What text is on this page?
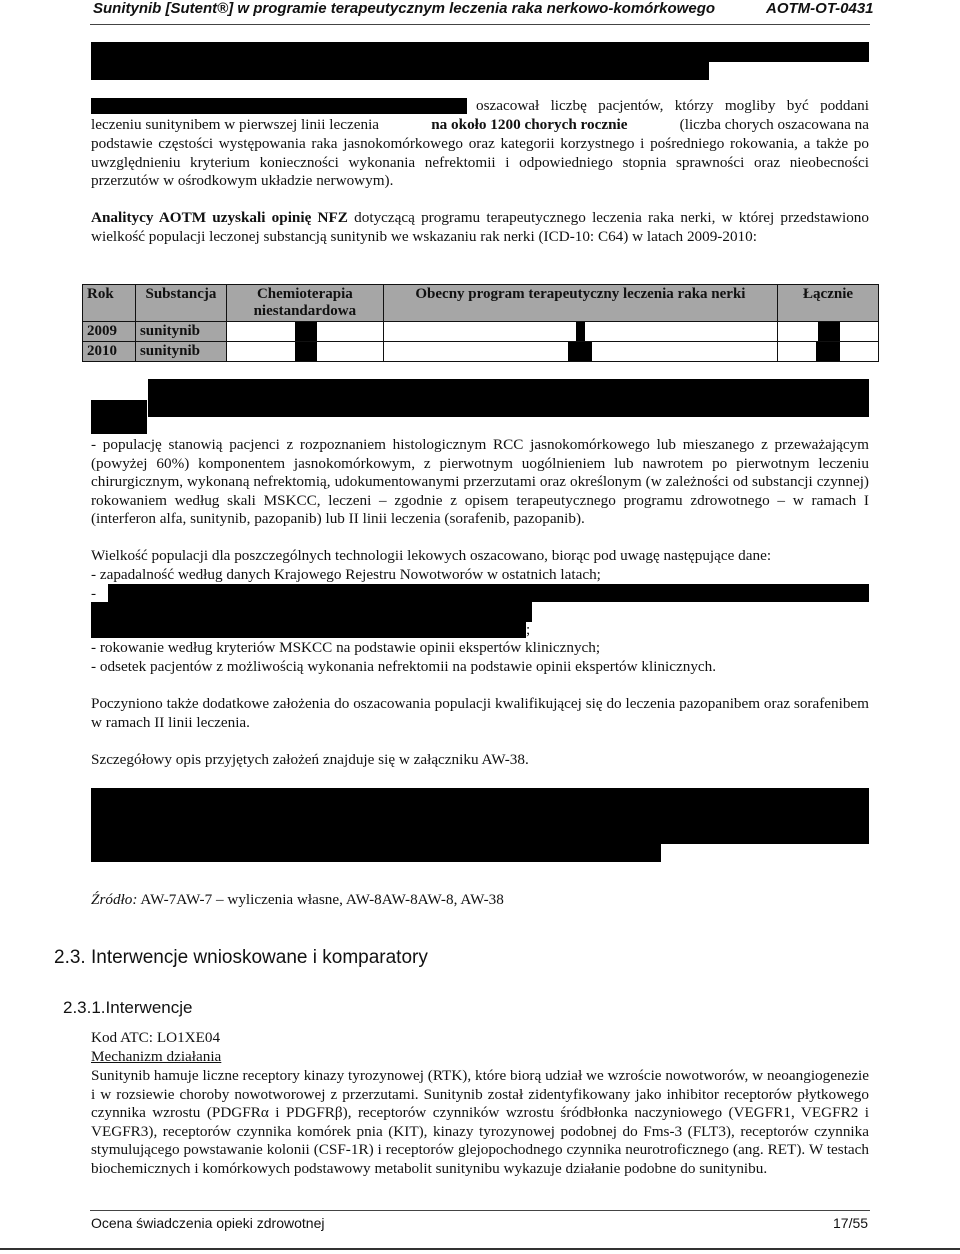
Sunitynib [Sutent®] w programie terapeutycznym leczenia raka nerkowo-komórkowego	AOTM-OT-0431
oszacował liczbę pacjentów, którzy mogliby być poddani
leczeniu sunitynibem w pierwszej linii leczenia	na około 1200 chorych rocznie	(liczba chorych oszacowana na
podstawie częstości występowania raka jasnokomórkowego oraz kategorii korzystnego i pośredniego rokowania, a także po uwzględnieniu kryterium konieczności wykonania nefrektomii i odpowiedniego stopnia sprawności oraz nieobecności przerzutów w ośrodkowym układzie nerwowym).
Analitycy AOTM uzyskali opinię NFZ dotyczącą programu terapeutycznego leczenia raka nerki, w której przedstawiono wielkość populacji leczonej substancją sunitynib we wskazaniu rak nerki (ICD-10: C64) w latach 2009-2010:
Rok	Substancja	Chemioterapia niestandardowa	Obecny program terapeutyczny leczenia raka nerki	Łącznie
2009	sunitynib	

2010	sunitynib	

- populację stanowią pacjenci z rozpoznaniem histologicznym RCC jasnokomórkowego lub mieszanego z przeważającym (powyżej 60%) komponentem jasnokomórkowym, z pierwotnym uogólnieniem lub nawrotem po pierwotnym leczeniu chirurgicznym, wykonaną nefrektomią, udokumentowanymi przerzutami oraz określonym (w zależności od substancji czynnej) rokowaniem według skali MSKCC, leczeni – zgodnie z opisem terapeutycznego programu zdrowotnego – w ramach I (interferon alfa, sunitynib, pazopanib) lub II linii leczenia (sorafenib, pazopanib).
Wielkość populacji dla poszczególnych technologii lekowych oszacowano, biorąc pod uwagę następujące dane:
- zapadalność według danych Krajowego Rejestru Nowotworów w ostatnich latach;
-
;
- rokowanie według kryteriów MSKCC na podstawie opinii ekspertów klinicznych;
- odsetek pacjentów z możliwością wykonania nefrektomii na podstawie opinii ekspertów klinicznych.
Poczyniono także dodatkowe założenia do oszacowania populacji kwalifikującej się do leczenia pazopanibem oraz sorafenibem w ramach II linii leczenia.
Szczegółowy opis przyjętych założeń znajduje się w załączniku AW-38.
Źródło: AW-7AW-7 – wyliczenia własne, AW-8AW-8AW-8, AW-38
2.3. Interwencje wnioskowane i komparatory
2.3.1.Interwencje
Kod ATC: LO1XE04
Mechanizm działania
Sunitynib hamuje liczne receptory kinazy tyrozynowej (RTK), które biorą udział we wzroście nowotworów, w neoangiogenezie i w rozsiewie choroby nowotworowej z przerzutami. Sunitynib został zidentyfikowany jako inhibitor receptorów płytkowego czynnika wzrostu (PDGFRα i PDGFRβ), receptorów czynników wzrostu śródbłonka naczyniowego (VEGFR1, VEGFR2 i VEGFR3), receptorów czynnika komórek pnia (KIT), kinazy tyrozynowej podobnej do Fms-3 (FLT3), receptorów czynnika stymulującego powstawanie kolonii (CSF-1R) i receptorów glejopochodnego czynnika neurotroficznego (ang. RET). W testach biochemicznych i komórkowych podstawowy metabolit sunitynibu wykazuje działanie podobne do sunitynibu.
Ocena świadczenia opieki zdrowotnej	17/55
